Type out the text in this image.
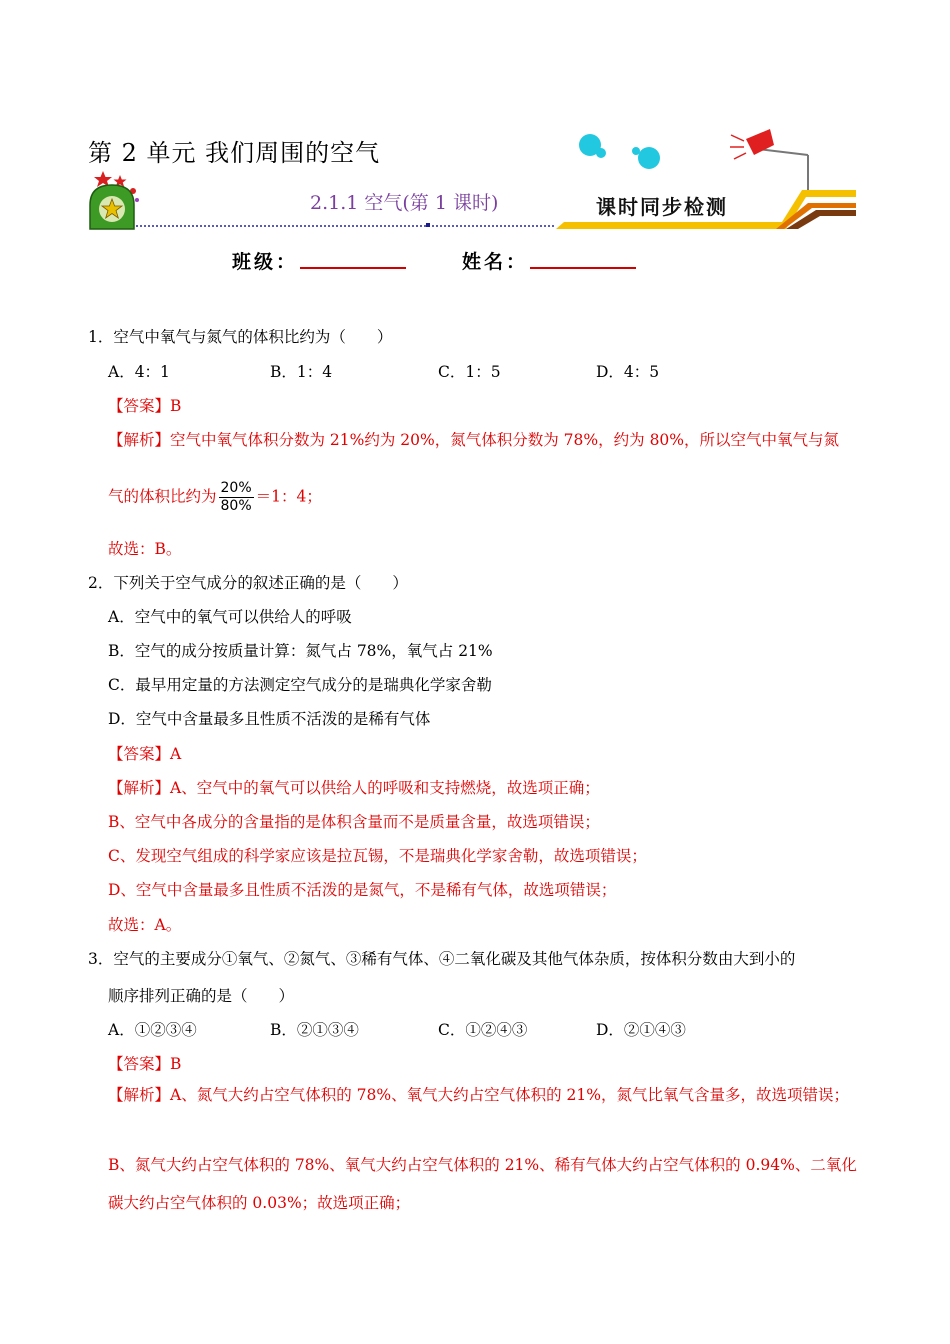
第 2 单元 我们周围的空气
2.1.1 空气(第 1 课时)	课时同步检测
班级：	姓名：
1．空气中氧气与氮气的体积比约为（　　）
A．4：1	B．1：4	C．1：5	D．4：5
【答案】B
【解析】空气中氧气体积分数为 21%约为 20%，氮气体积分数为 78%，约为 80%，所以空气中氧气与氮
气的体积比约为 $\frac{20\%}{80\%} =1$：4；
故选：B。
2．下列关于空气成分的叙述正确的是（　　）
A．空气中的氧气可以供给人的呼吸
B．空气的成分按质量计算：氮气占 78%，氧气占 21%
C．最早用定量的方法测定空气成分的是瑞典化学家舍勒
D．空气中含量最多且性质不活泼的是稀有气体
【答案】A
【解析】A、空气中的氧气可以供给人的呼吸和支持燃烧，故选项正确；
B、空气中各成分的含量指的是体积含量而不是质量含量，故选项错误；
C、发现空气组成的科学家应该是拉瓦锡，不是瑞典化学家舍勒，故选项错误；
D、空气中含量最多且性质不活泼的是氮气，不是稀有气体，故选项错误；
故选：A。
3．空气的主要成分①氧气、②氮气、③稀有气体、④二氧化碳及其他气体杂质，按体积分数由大到小的
顺序排列正确的是（　　）
A．①②③④	B．②①③④	C．①②④③	D．②①④③
【答案】B
【解析】A、氮气大约占空气体积的 78%、氧气大约占空气体积的 21%，氮气比氧气含量多，故选项错误；
B、氮气大约占空气体积的 78%、氧气大约占空气体积的 21%、稀有气体大约占空气体积的 0.94%、二氧化碳大约占空气体积的 0.03%；故选项正确；
